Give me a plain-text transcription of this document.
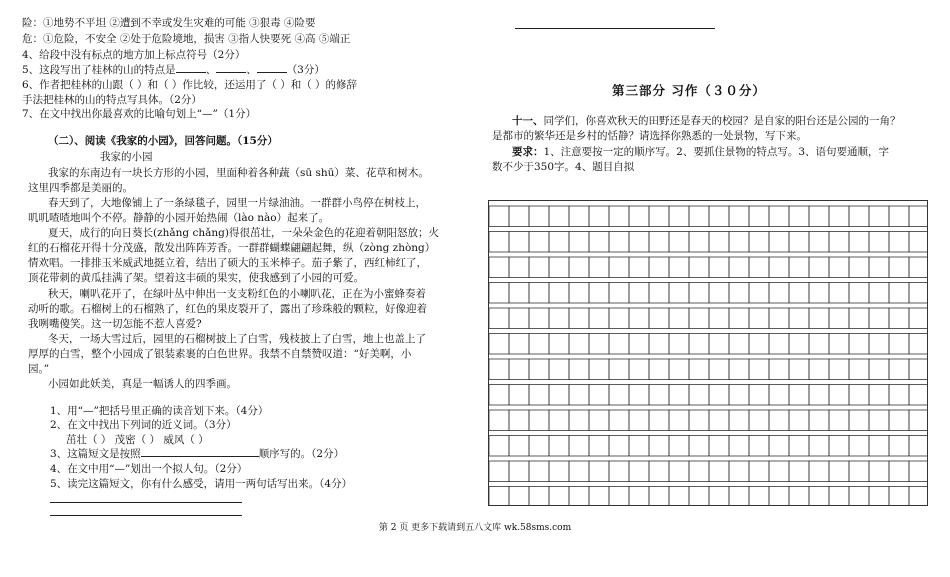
险：①地势不平坦 ②遭到不幸或发生灾难的可能 ③狠毒 ④险要
危：①危险，不安全 ②处于危险境地，损害 ③指人快要死 ④高 ⑤端正
4、给段中没有标点的地方加上标点符号（2分）
5、这段写出了桂林的山的特点是	、	、	（3分）
6、作者把桂林的山跟（ ）和（ ）作比较，还运用了（ ）和（ ）的修辞
手法把桂林的山的特点写具体。（2分）
7、在文中找出你最喜欢的比喻句划上“—”（1分）
（二）、阅读《我家的小园》，回答问题。（15分）
我家的小园
我家的东南边有一块长方形的小园，里面种着各种蔬（sū shū）菜、花草和树木。
这里四季都是美丽的。
春天到了，大地像铺上了一条绿毯子，园里一片绿油油。一群群小鸟停在树枝上，
叽叽喳喳地叫个不停。静静的小园开始热闹（lào nào）起来了。
夏天，成行的向日葵长(zhǎng chǎng)得很茁壮，一朵朵金色的花迎着朝阳怒放；火
红的石榴花开得十分茂盛，散发出阵阵芳香。一群群蝴蝶翩翩起舞，纵（zòng zhòng）
情欢唱。一排排玉米威武地挺立着，结出了硕大的玉米棒子。茄子紫了，西红柿红了，
顶花带刺的黄瓜挂满了架。望着这丰硕的果实，使我感到了小园的可爱。
秋天，喇叭花开了，在绿叶丛中伸出一支支粉红色的小喇叭花，正在为小蜜蜂奏着
动听的歌。石榴树上的石榴熟了，红色的果皮裂开了，露出了珍珠般的颗粒，好像迎着
我咧嘴傻笑。这一切怎能不惹人喜爱?
冬天，一场大雪过后，园里的石榴树披上了白雪，残枝披上了白雪，地上也盖上了
厚厚的白雪，整个小园成了银装素裹的白色世界。我禁不自禁赞叹道：“好美啊，小
园。”
小园如此妖美，真是一幅诱人的四季画。
1、用“—”把括号里正确的读音划下来。（4分）
2、在文中找出下列词的近义词。（3分）
茁壮（ ） 茂密（ ） 威风（ ）
3、这篇短文是按照	顺序写的。（2分）
4、在文中用“—”划出一个拟人句。（2分）
5、读完这篇短文，你有什么感受，请用一两句话写出来。（4分）
第三部分 习作（３０分）
十一、同学们，你喜欢秋天的田野还是春天的校园？是自家的阳台还是公园的一角？
是都市的繁华还是乡村的恬静？请选择你熟悉的一处景物，写下来。
要求：1、注意要按一定的顺序写。2、要抓住景物的特点写。3、语句要通顺，字
数不少于350字。4、题目自拟
第 2 页 更多下载请到五八文库 wk.58sms.com
